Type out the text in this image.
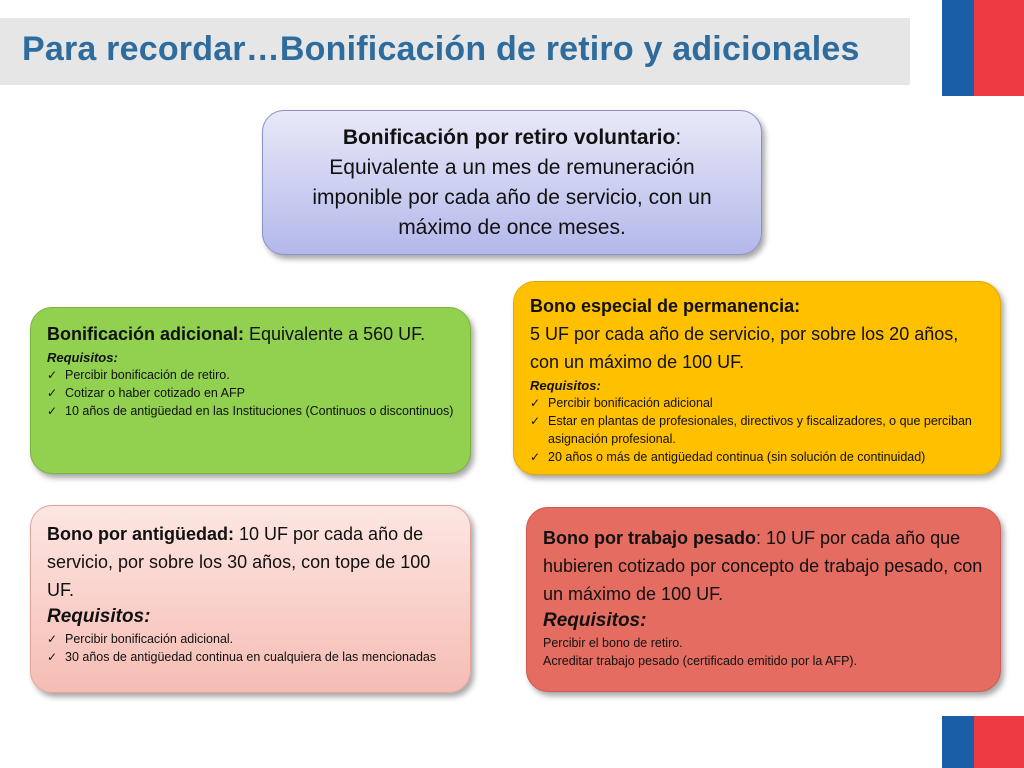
Para recordar…Bonificación de retiro y adicionales
Bonificación por retiro voluntario:
Equivalente a un mes de remuneración imponible por cada año de servicio, con un máximo de once meses.
Bonificación adicional: Equivalente a 560 UF.
Requisitos:
✓ Percibir bonificación de retiro.
✓ Cotizar o haber cotizado en AFP
✓ 10 años de antigüedad en las Instituciones (Continuos o discontinuos)
Bono especial de permanencia:
5 UF por cada año de servicio, por sobre los 20 años, con un máximo de 100 UF.
Requisitos:
✓ Percibir bonificación adicional
✓ Estar en plantas de profesionales, directivos y fiscalizadores, o que perciban asignación profesional.
✓ 20 años o más de antigüedad continua (sin solución de continuidad)
Bono por antigüedad: 10 UF por cada año de servicio, por sobre los 30 años, con tope de 100 UF.
Requisitos:
✓ Percibir bonificación adicional.
✓ 30 años de antigüedad continua en cualquiera de las mencionadas
Bono por trabajo pesado: 10 UF por cada año que hubieren cotizado por concepto de trabajo pesado, con un máximo de 100 UF.
Requisitos:
Percibir el bono de retiro.
Acreditar trabajo pesado (certificado emitido por la AFP).
